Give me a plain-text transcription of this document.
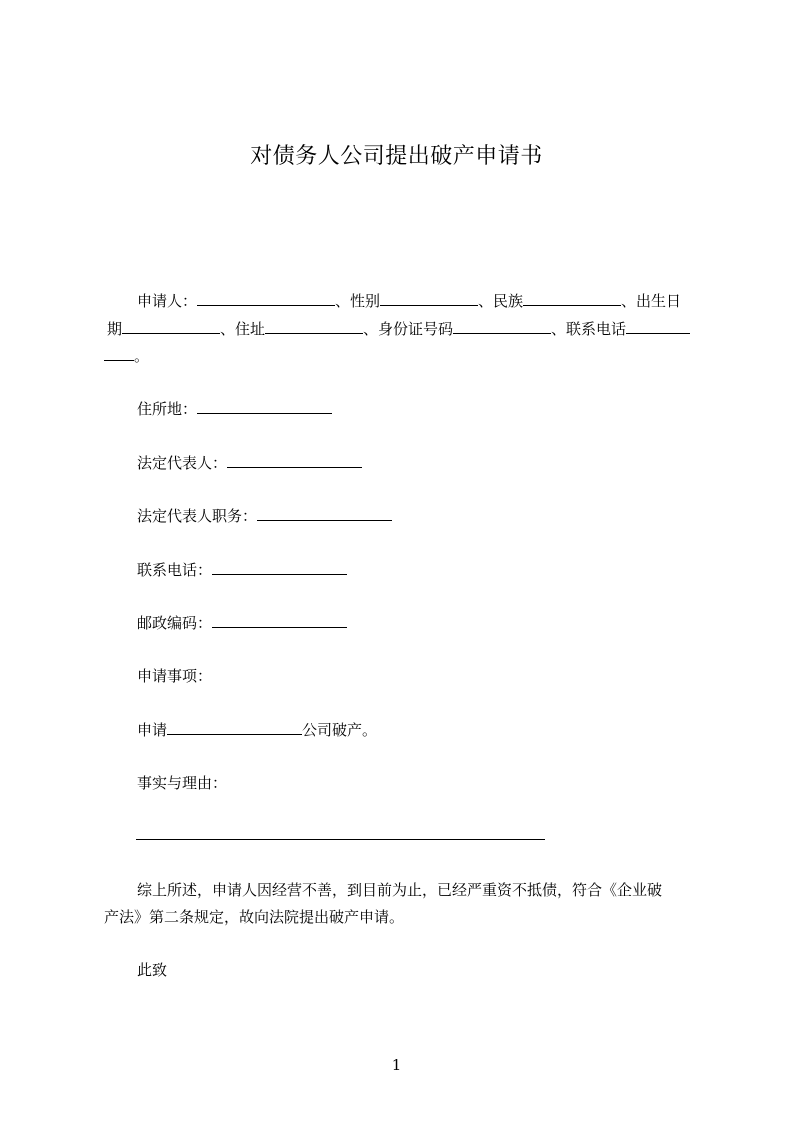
对债务人公司提出破产申请书
申请人：	、性别	、民族	、出生日
期	、住址	、身份证号码	、联系电话
。
住所地：
法定代表人：
法定代表人职务：
联系电话：
邮政编码：
申请事项：
申请	公司破产。
事实与理由：
综上所述，申请人因经营不善，到目前为止，已经严重资不抵债，符合《企业破
产法》第二条规定，故向法院提出破产申请。
此致
1
